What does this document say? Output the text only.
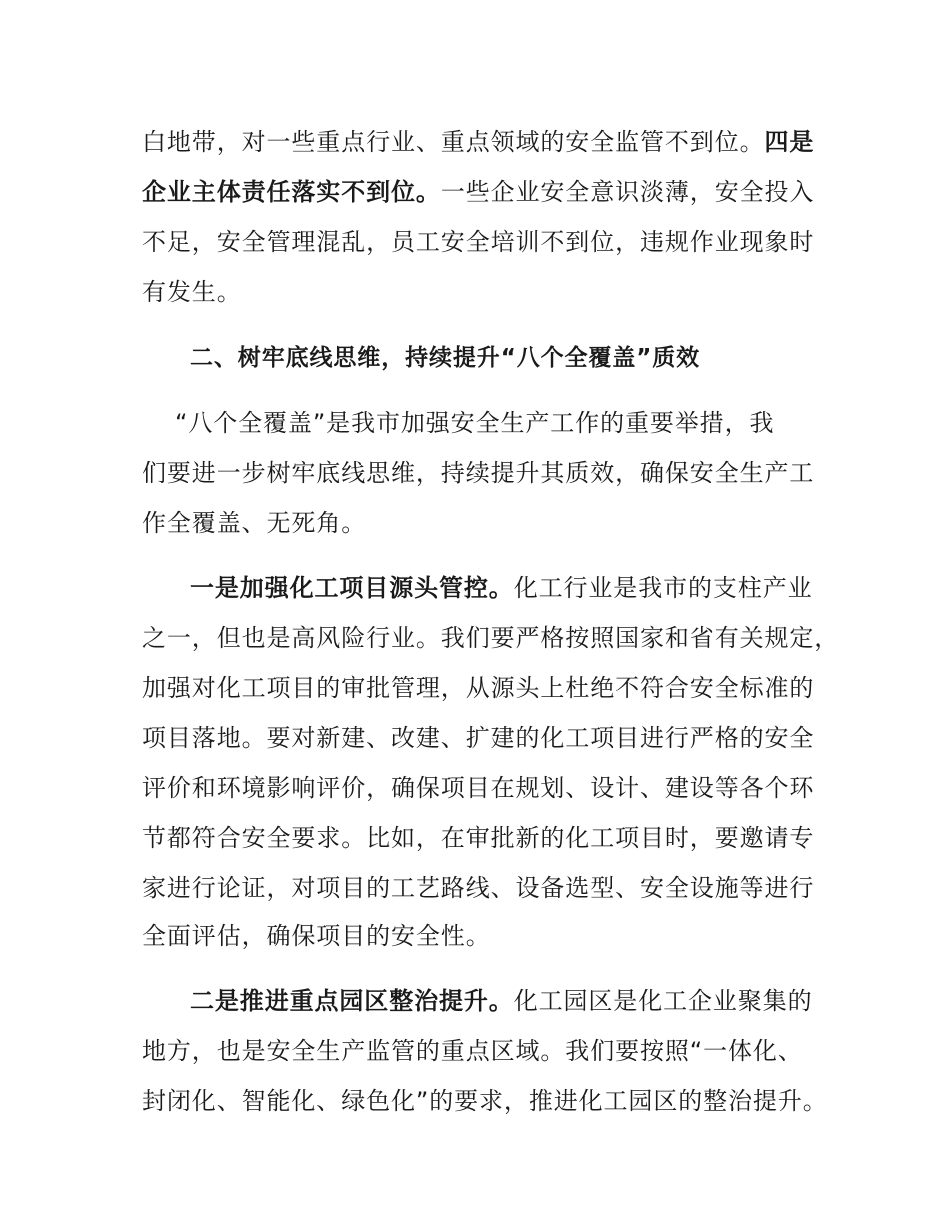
白地带，对一些重点行业、重点领域的安全监管不到位。四是
企业主体责任落实不到位。一些企业安全意识淡薄，安全投入
不足，安全管理混乱，员工安全培训不到位，违规作业现象时
有发生。
二、树牢底线思维，持续提升“八个全覆盖”质效
“八个全覆盖”是我市加强安全生产工作的重要举措，我
们要进一步树牢底线思维，持续提升其质效，确保安全生产工
作全覆盖、无死角。
一是加强化工项目源头管控。化工行业是我市的支柱产业
之一，但也是高风险行业。我们要严格按照国家和省有关规定，
加强对化工项目的审批管理，从源头上杜绝不符合安全标准的
项目落地。要对新建、改建、扩建的化工项目进行严格的安全
评价和环境影响评价，确保项目在规划、设计、建设等各个环
节都符合安全要求。比如，在审批新的化工项目时，要邀请专
家进行论证，对项目的工艺路线、设备选型、安全设施等进行
全面评估，确保项目的安全性。
二是推进重点园区整治提升。化工园区是化工企业聚集的
地方，也是安全生产监管的重点区域。我们要按照“一体化、
封闭化、智能化、绿色化”的要求，推进化工园区的整治提升。
